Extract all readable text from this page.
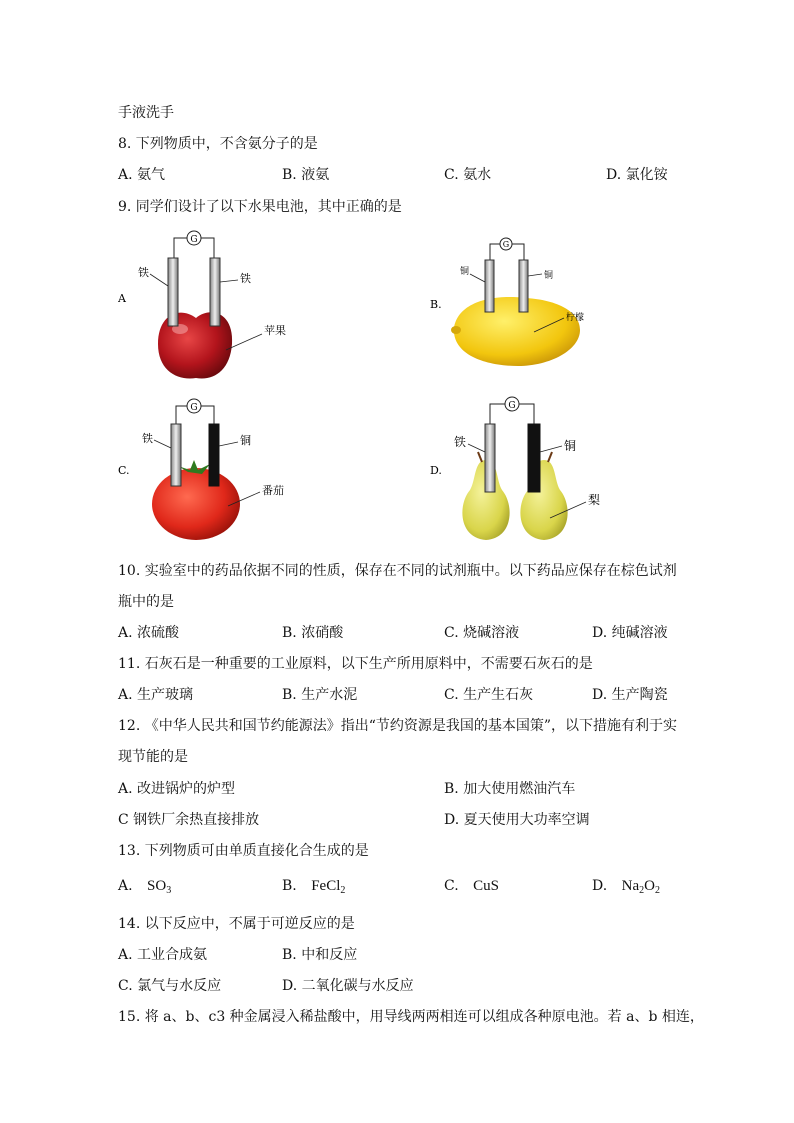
手液洗手
8. 下列物质中，不含氨分子的是
A. 氨气	B. 液氨	C. 氨水	D. 氯化铵
9. 同学们设计了以下水果电池，其中正确的是
G
A
铁	铁
苹果
G
B.
铜	铜
柠檬
G
C.
铁	铜
番茄
G
D.
铁	铜
梨
10. 实验室中的药品依据不同的性质，保存在不同的试剂瓶中。以下药品应保存在棕色试剂
瓶中的是
A. 浓硫酸	B. 浓硝酸	C. 烧碱溶液	D. 纯碱溶液
11. 石灰石是一种重要的工业原料，以下生产所用原料中，不需要石灰石的是
A. 生产玻璃	B. 生产水泥	C. 生产生石灰	D. 生产陶瓷
12. 《中华人民共和国节约能源法》指出“节约资源是我国的基本国策”，以下措施有利于实
现节能的是
A. 改进锅炉的炉型	B. 加大使用燃油汽车
C 钢铁厂余热直接排放	D. 夏天使用大功率空调
13. 下列物质可由单质直接化合生成的是
A. $SO_3$	B. FeCl$_2$	C. CuS	D. $Na_2O_2$
14. 以下反应中，不属于可逆反应的是
A. 工业合成氨	B. 中和反应
C. 氯气与水反应	D. 二氧化碳与水反应
15. 将 a、b、c3 种金属浸入稀盐酸中，用导线两两相连可以组成各种原电池。若 a、b 相连，
